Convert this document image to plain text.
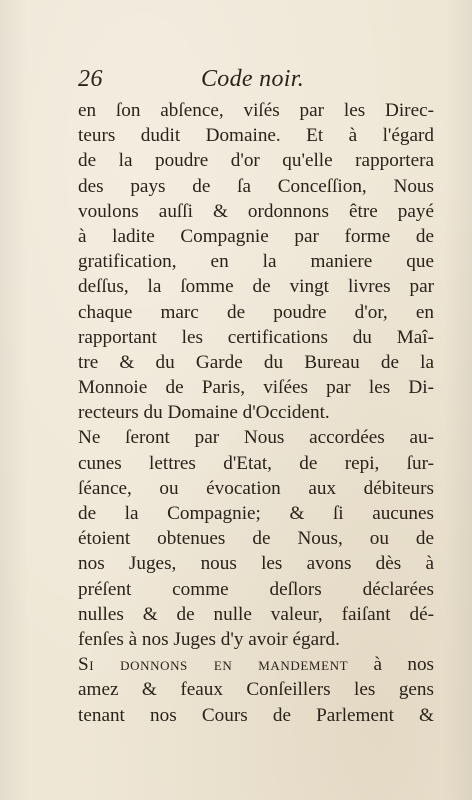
26	Code noir.
en ſon abſence, viſés par les Direc-
teurs dudit Domaine. Et à l'égard
de la poudre d'or qu'elle rapportera
des pays de ſa Conceſſion, Nous
voulons auſſi & ordonnons être payé
à ladite Compagnie par forme de
gratification, en la maniere que
deſſus, la ſomme de vingt livres par
chaque marc de poudre d'or, en
rapportant les certifications du Maî-
tre & du Garde du Bureau de la
Monnoie de Paris, viſées par les Di-
recteurs du Domaine d'Occident.
Ne ſeront par Nous accordées au-
cunes lettres d'Etat, de repi, ſur-
ſéance, ou évocation aux débiteurs
de la Compagnie; & ſi aucunes
étoient obtenues de Nous, ou de
nos Juges, nous les avons dès à
préſent comme deſlors déclarées
nulles & de nulle valeur, faiſant dé-
fenſes à nos Juges d'y avoir égard.
Si donnons en mandement à nos
amez & feaux Conſeillers les gens
tenant nos Cours de Parlement &
